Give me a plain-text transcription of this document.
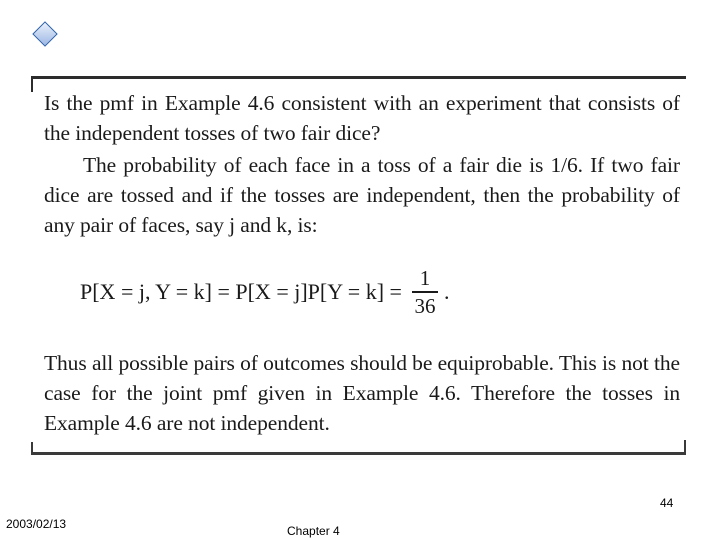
Is the pmf in Example 4.6 consistent with an experiment that consists of the independent tosses of two fair dice?
The probability of each face in a toss of a fair die is 1/6. If two fair dice are tossed and if the tosses are independent, then the probability of any pair of faces, say j and k, is:
P[X = j, $Y = k] = P[X = j]P[Y = k] = \frac{1}{36}$ .
Thus all possible pairs of outcomes should be equiprobable. This is not the case for the joint pmf given in Example 4.6. Therefore the tosses in Example 4.6 are not independent.
44
2003/02/13	Chapter 4
